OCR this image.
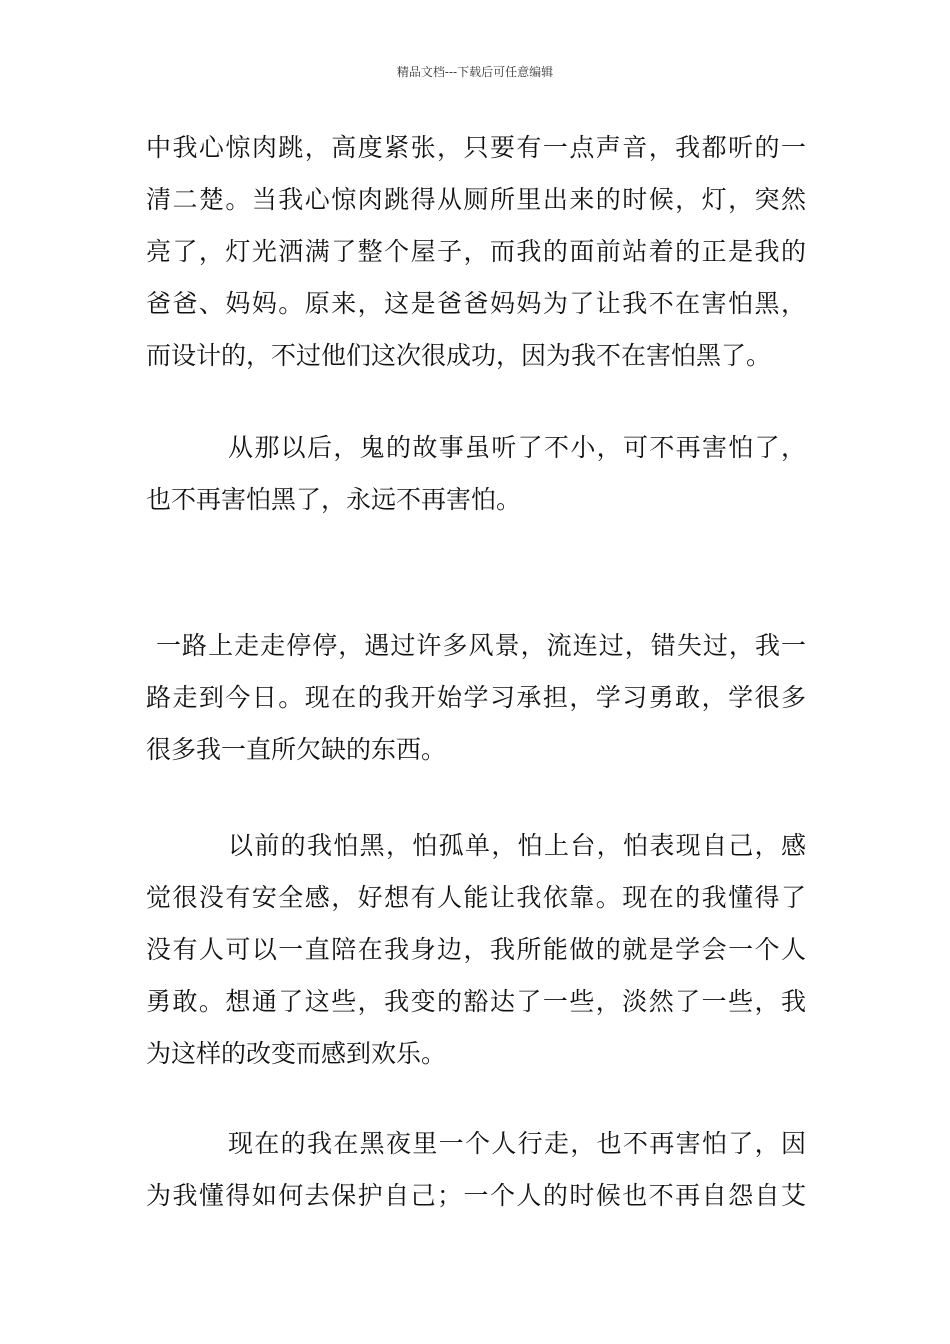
精品文档---下载后可任意编辑
中我心惊肉跳，高度紧张，只要有一点声音，我都听的一
清二楚。当我心惊肉跳得从厕所里出来的时候，灯，突然
亮了，灯光洒满了整个屋子，而我的面前站着的正是我的
爸爸、妈妈。原来，这是爸爸妈妈为了让我不在害怕黑，
而设计的，不过他们这次很成功，因为我不在害怕黑了。
从那以后，鬼的故事虽听了不小，可不再害怕了，
也不再害怕黑了，永远不再害怕。
一路上走走停停，遇过许多风景，流连过，错失过，我一
路走到今日。现在的我开始学习承担，学习勇敢，学很多
很多我一直所欠缺的东西。
以前的我怕黑，怕孤单，怕上台，怕表现自己，感
觉很没有安全感，好想有人能让我依靠。现在的我懂得了
没有人可以一直陪在我身边，我所能做的就是学会一个人
勇敢。想通了这些，我变的豁达了一些，淡然了一些，我
为这样的改变而感到欢乐。
现在的我在黑夜里一个人行走，也不再害怕了，因
为我懂得如何去保护自己；一个人的时候也不再自怨自艾
